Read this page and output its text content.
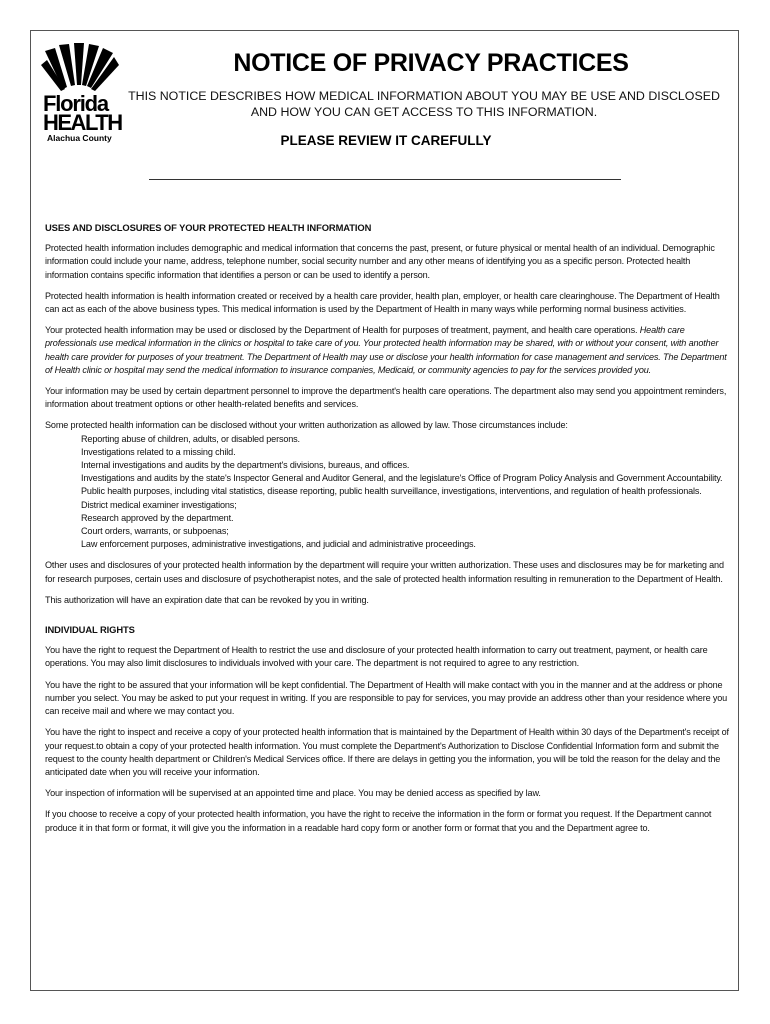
Florida
HEALTH
Alachua County
NOTICE OF PRIVACY PRACTICES
THIS NOTICE DESCRIBES HOW MEDICAL INFORMATION ABOUT YOU MAY BE USE AND DISCLOSED
AND HOW YOU CAN GET ACCESS TO THIS INFORMATION.
PLEASE REVIEW IT CAREFULLY

USES AND DISCLOSURES OF YOUR PROTECTED HEALTH INFORMATION

Protected health information includes demographic and medical information that concerns the past, present, or future physical or mental health of an individual. Demographic information could include your name, address, telephone number, social security number and any other means of identifying you as a specific person. Protected health information contains specific information that identifies a person or can be used to identify a person.

Protected health information is health information created or received by a health care provider, health plan, employer, or health care clearinghouse. The Department of Health can act as each of the above business types. This medical information is used by the Department of Health in many ways while performing normal business activities.

Your protected health information may be used or disclosed by the Department of Health for purposes of treatment, payment, and health care operations. Health care professionals use medical information in the clinics or hospital to take care of you. Your protected health information may be shared, with or without your consent, with another health care provider for purposes of your treatment. The Department of Health may use or disclose your health information for case management and services. The Department of Health clinic or hospital may send the medical information to insurance companies, Medicaid, or community agencies to pay for the services provided you.

Your information may be used by certain department personnel to improve the department's health care operations. The department also may send you appointment reminders, information about treatment options or other health-related benefits and services.

Some protected health information can be disclosed without your written authorization as allowed by law. Those circumstances include:

Reporting abuse of children, adults, or disabled persons.
Investigations related to a missing child.
Internal investigations and audits by the department's divisions, bureaus, and offices.
Investigations and audits by the state's Inspector General and Auditor General, and the legislature's Office of Program Policy Analysis and Government Accountability.
Public health purposes, including vital statistics, disease reporting, public health surveillance, investigations, interventions, and regulation of health professionals.
District medical examiner investigations;
Research approved by the department.
Court orders, warrants, or subpoenas;
Law enforcement purposes, administrative investigations, and judicial and administrative proceedings.

Other uses and disclosures of your protected health information by the department will require your written authorization. These uses and disclosures may be for marketing and for research purposes, certain uses and disclosure of psychotherapist notes, and the sale of protected health information resulting in remuneration to the Department of Health.

This authorization will have an expiration date that can be revoked by you in writing.

INDIVIDUAL RIGHTS

You have the right to request the Department of Health to restrict the use and disclosure of your protected health information to carry out treatment, payment, or health care operations. You may also limit disclosures to individuals involved with your care. The department is not required to agree to any restriction.

You have the right to be assured that your information will be kept confidential. The Department of Health will make contact with you in the manner and at the address or phone number you select. You may be asked to put your request in writing. If you are responsible to pay for services, you may provide an address other than your residence where you can receive mail and where we may contact you.

You have the right to inspect and receive a copy of your protected health information that is maintained by the Department of Health within 30 days of the Department's receipt of your request.to obtain a copy of your protected health information. You must complete the Department's Authorization to Disclose Confidential Information form and submit the request to the county health department or Children's Medical Services office. If there are delays in getting you the information, you will be told the reason for the delay and the anticipated date when you will receive your information.

Your inspection of information will be supervised at an appointed time and place. You may be denied access as specified by law.

If you choose to receive a copy of your protected health information, you have the right to receive the information in the form or format you request. If the Department cannot produce it in that form or format, it will give you the information in a readable hard copy form or another form or format that you and the Department agree to.
